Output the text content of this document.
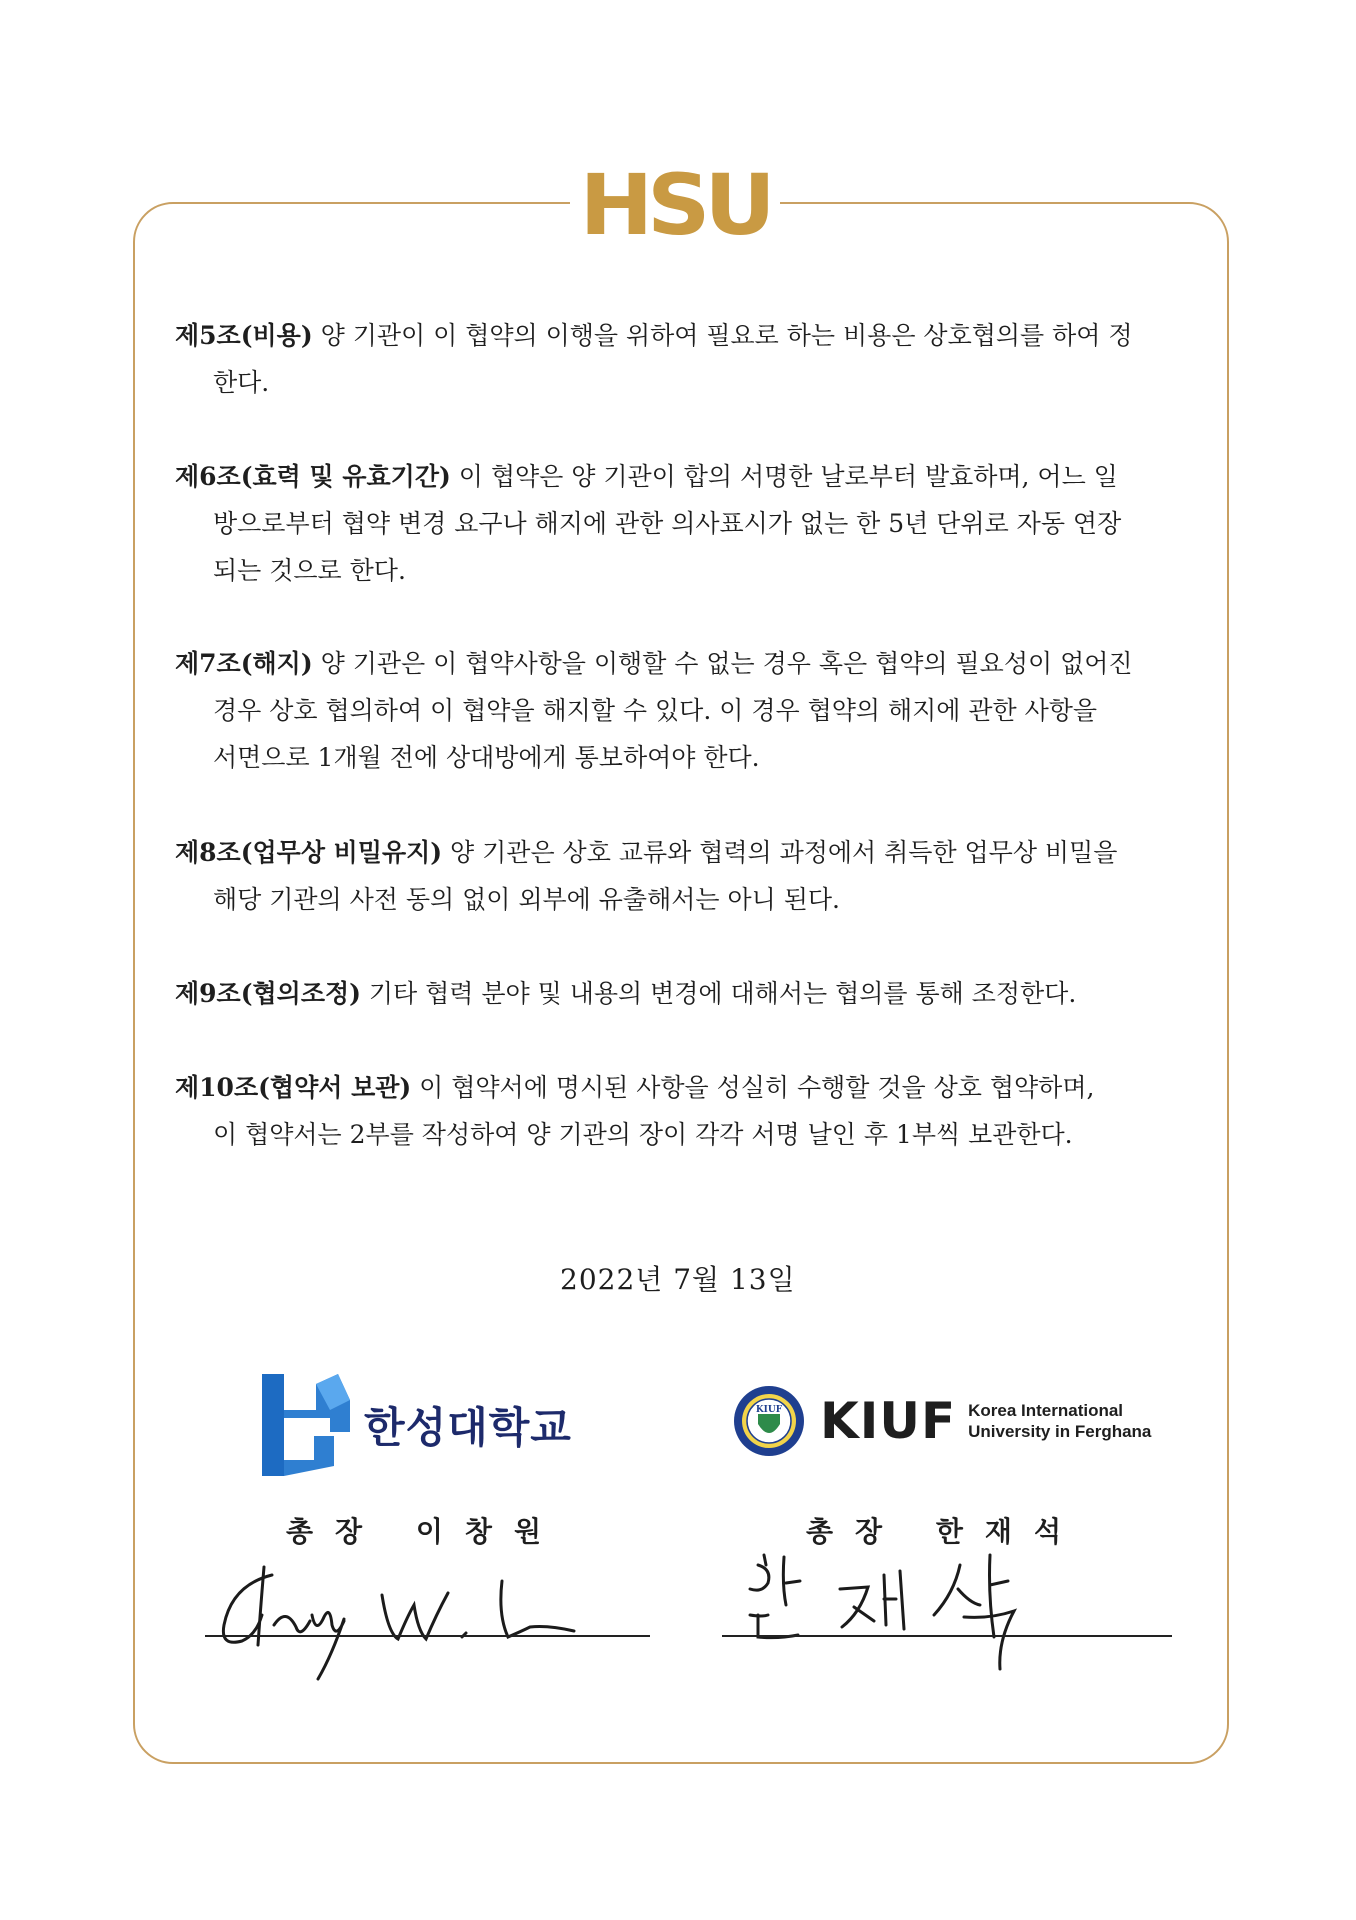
HSU
제5조(비용) 양 기관이 이 협약의 이행을 위하여 필요로 하는 비용은 상호협의를 하여 정
한다.
제6조(효력 및 유효기간) 이 협약은 양 기관이 합의 서명한 날로부터 발효하며, 어느 일
방으로부터 협약 변경 요구나 해지에 관한 의사표시가 없는 한 5년 단위로 자동 연장
되는 것으로 한다.
제7조(해지) 양 기관은 이 협약사항을 이행할 수 없는 경우 혹은 협약의 필요성이 없어진
경우 상호 협의하여 이 협약을 해지할 수 있다. 이 경우 협약의 해지에 관한 사항을
서면으로 1개월 전에 상대방에게 통보하여야 한다.
제8조(업무상 비밀유지) 양 기관은 상호 교류와 협력의 과정에서 취득한 업무상 비밀을
해당 기관의 사전 동의 없이 외부에 유출해서는 아니 된다.
제9조(협의조정) 기타 협력 분야 및 내용의 변경에 대해서는 협의를 통해 조정한다.
제10조(협약서 보관) 이 협약서에 명시된 사항을 성실히 수행할 것을 상호 협약하며,
이 협약서는 2부를 작성하여 양 기관의 장이 각각 서명 날인 후 1부씩 보관한다.
2022년 7월 13일
한성대학교	KIUF KIUF Korea International
University in Ferghana
총장 이창원	총장 한재석
